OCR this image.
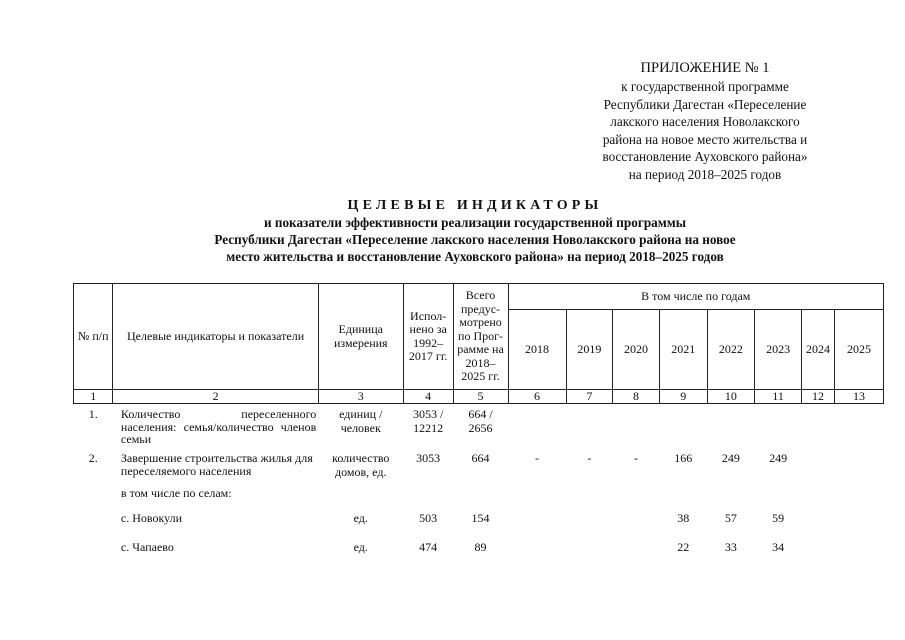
ПРИЛОЖЕНИЕ № 1
к государственной программе
Республики Дагестан «Переселение
лакского населения Новолакского
района на новое место жительства и
восстановление Ауховского района»
на период 2018–2025 годов
ЦЕЛЕВЫЕ ИНДИКАТОРЫ
и показатели эффективности реализации государственной программы
Республики Дагестан «Переселение лакского населения Новолакского района на новое
место жительства и восстановление Ауховского района» на период 2018–2025 годов
№ п/п	Целевые индикаторы и показатели	Единица измерения	Испол-нено за 1992–2017 гг.	Всего предус-мотрено по Прог-рамме на 2018–2025 гг.	В том числе по годам							
					2018	2019	2020	2021	2022	2023	2024	2025
1	2	3	4	5	6	7	8	9	10	11	12	13
1.	Количество переселенного населения: семья/количество членов семьи	единиц / человек	3053 / 12212	664 / 2656								
2.	Завершение строительства жилья для переселяемого населения	количество домов, ед.	3053	664	-	-	-	166	249	249		
	в том числе по селам:											
	с. Новокули	ед.	503	154				38	57	59		
	с. Чапаево	ед.	474	89				22	33	34		
